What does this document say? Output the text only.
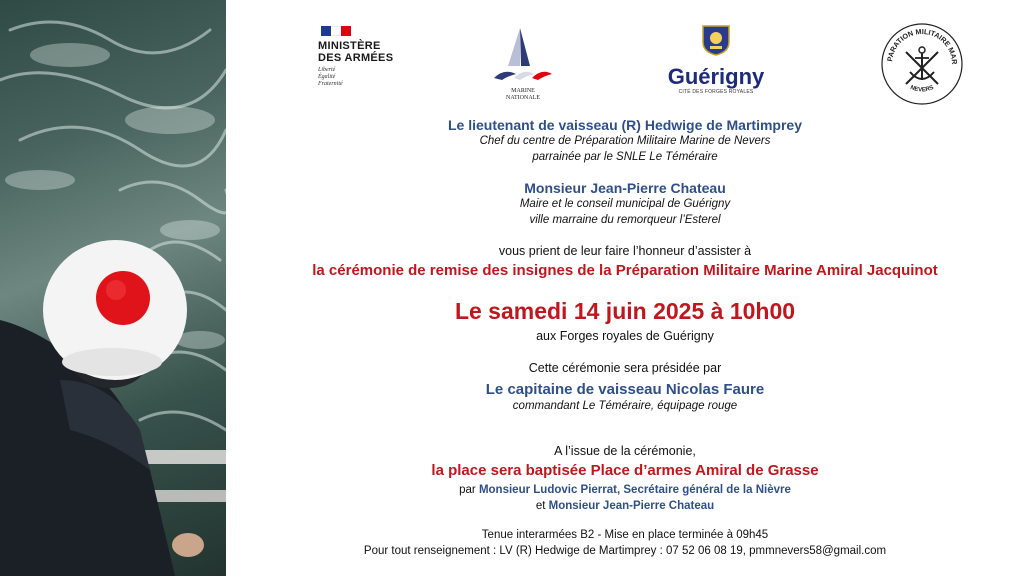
MINISTÈRE
DES ARMÉES
Liberté
Égalité
Fraternité
MARINE
NATIONALE
Guérigny
CITÉ DES FORGES ROYALES
PARATION MILITAIRE MAR
NEVERS
Le lieutenant de vaisseau (R) Hedwige de Martimprey
Chef du centre de Préparation Militaire Marine de Nevers
parrainée par le SNLE Le Téméraire
Monsieur Jean-Pierre Chateau
Maire et le conseil municipal de Guérigny
ville marraine du remorqueur l’Esterel
vous prient de leur faire l’honneur d’assister à
la cérémonie de remise des insignes de la Préparation Militaire Marine Amiral Jacquinot
Le samedi 14 juin 2025 à 10h00
aux Forges royales de Guérigny
Cette cérémonie sera présidée par
Le capitaine de vaisseau Nicolas Faure
commandant Le Téméraire, équipage rouge
A l’issue de la cérémonie,
la place sera baptisée Place d’armes Amiral de Grasse
par Monsieur Ludovic Pierrat, Secrétaire général de la Nièvre
et Monsieur Jean-Pierre Chateau
Tenue interarmées B2 - Mise en place terminée à 09h45
Pour tout renseignement : LV (R) Hedwige de Martimprey : 07 52 06 08 19, pmmnevers58@gmail.com
